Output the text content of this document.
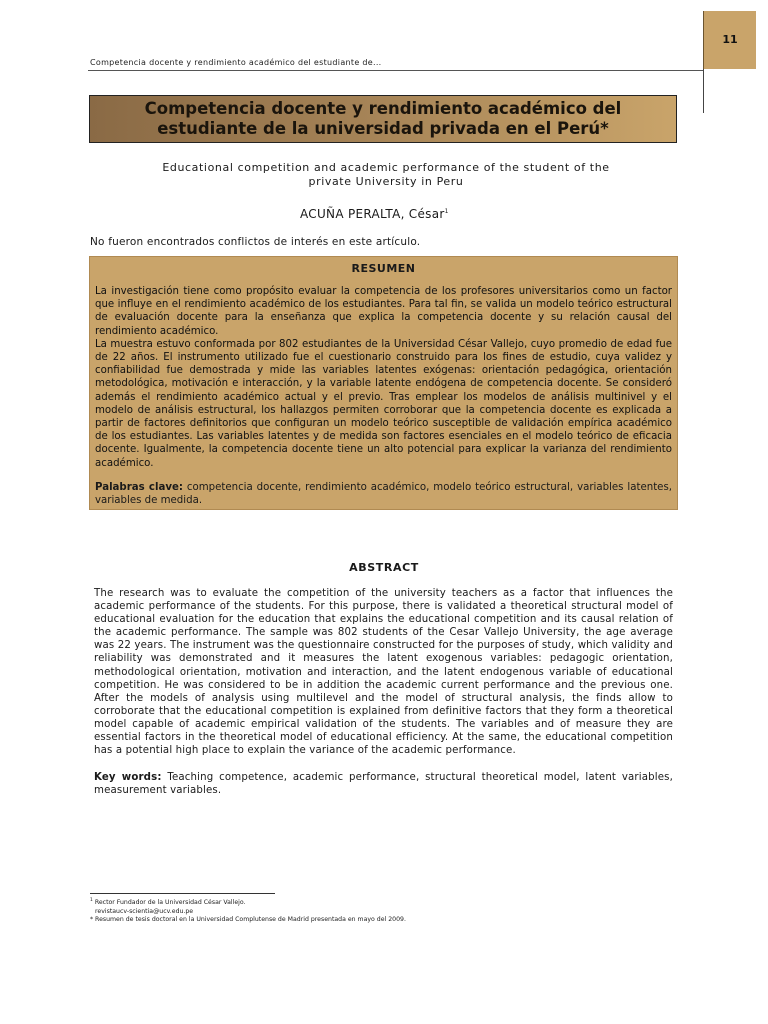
11
Competencia docente y rendimiento académico del estudiante de...
Competencia docente y rendimiento académico del
estudiante de la universidad privada en el Perú*
Educational competition and academic performance of the student of the
private University in Peru
ACUÑA PERALTA, César$^1$
No fueron encontrados conflictos de interés en este artículo.
RESUMEN

La investigación tiene como propósito evaluar la competencia de los profesores universitarios como un factor que influye en el rendimiento académico de los estudiantes. Para tal fin, se valida un modelo teórico estructural de evaluación docente para la enseñanza que explica la competencia docente y su relación causal del rendimiento académico.
La muestra estuvo conformada por 802 estudiantes de la Universidad César Vallejo, cuyo promedio de edad fue de 22 años. El instrumento utilizado fue el cuestionario construido para los fines de estudio, cuya validez y confiabilidad fue demostrada y mide las variables latentes exógenas: orientación pedagógica, orientación metodológica, motivación e interacción, y la variable latente endógena de competencia docente. Se consideró además el rendimiento académico actual y el previo. Tras emplear los modelos de análisis multinivel y el modelo de análisis estructural, los hallazgos permiten corroborar que la competencia docente es explicada a partir de factores definitorios que configuran un modelo teórico susceptible de validación empírica académico de los estudiantes. Las variables latentes y de medida son factores esenciales en el modelo teórico de eficacia docente. Igualmente, la competencia docente tiene un alto potencial para explicar la varianza del rendimiento académico.

Palabras clave: competencia docente, rendimiento académico, modelo teórico estructural, variables latentes, variables de medida.

ABSTRACT

The research was to evaluate the competition of the university teachers as a factor that influences the academic performance of the students. For this purpose, there is validated a theoretical structural model of educational evaluation for the education that explains the educational competition and its causal relation of the academic performance. The sample was 802 students of the Cesar Vallejo University, the age average was 22 years. The instrument was the questionnaire constructed for the purposes of study, which validity and reliability was demonstrated and it measures the latent exogenous variables: pedagogic orientation, methodological orientation, motivation and interaction, and the latent endogenous variable of educational competition. He was considered to be in addition the academic current performance and the previous one. After the models of analysis using multilevel and the model of structural analysis, the finds allow to corroborate that the educational competition is explained from definitive factors that they form a theoretical model capable of academic empirical validation of the students. The variables and of measure they are essential factors in the theoretical model of educational efficiency. At the same, the educational competition has a potential high place to explain the variance of the academic performance.

Key words: Teaching competence, academic performance, structural theoretical model, latent variables, measurement variables.

$^1$ Rector Fundador de la Universidad César Vallejo.
revistaucv-scientia@ucv.edu.pe
* Resumen de tesis doctoral en la Universidad Complutense de Madrid presentada en mayo del 2009.
